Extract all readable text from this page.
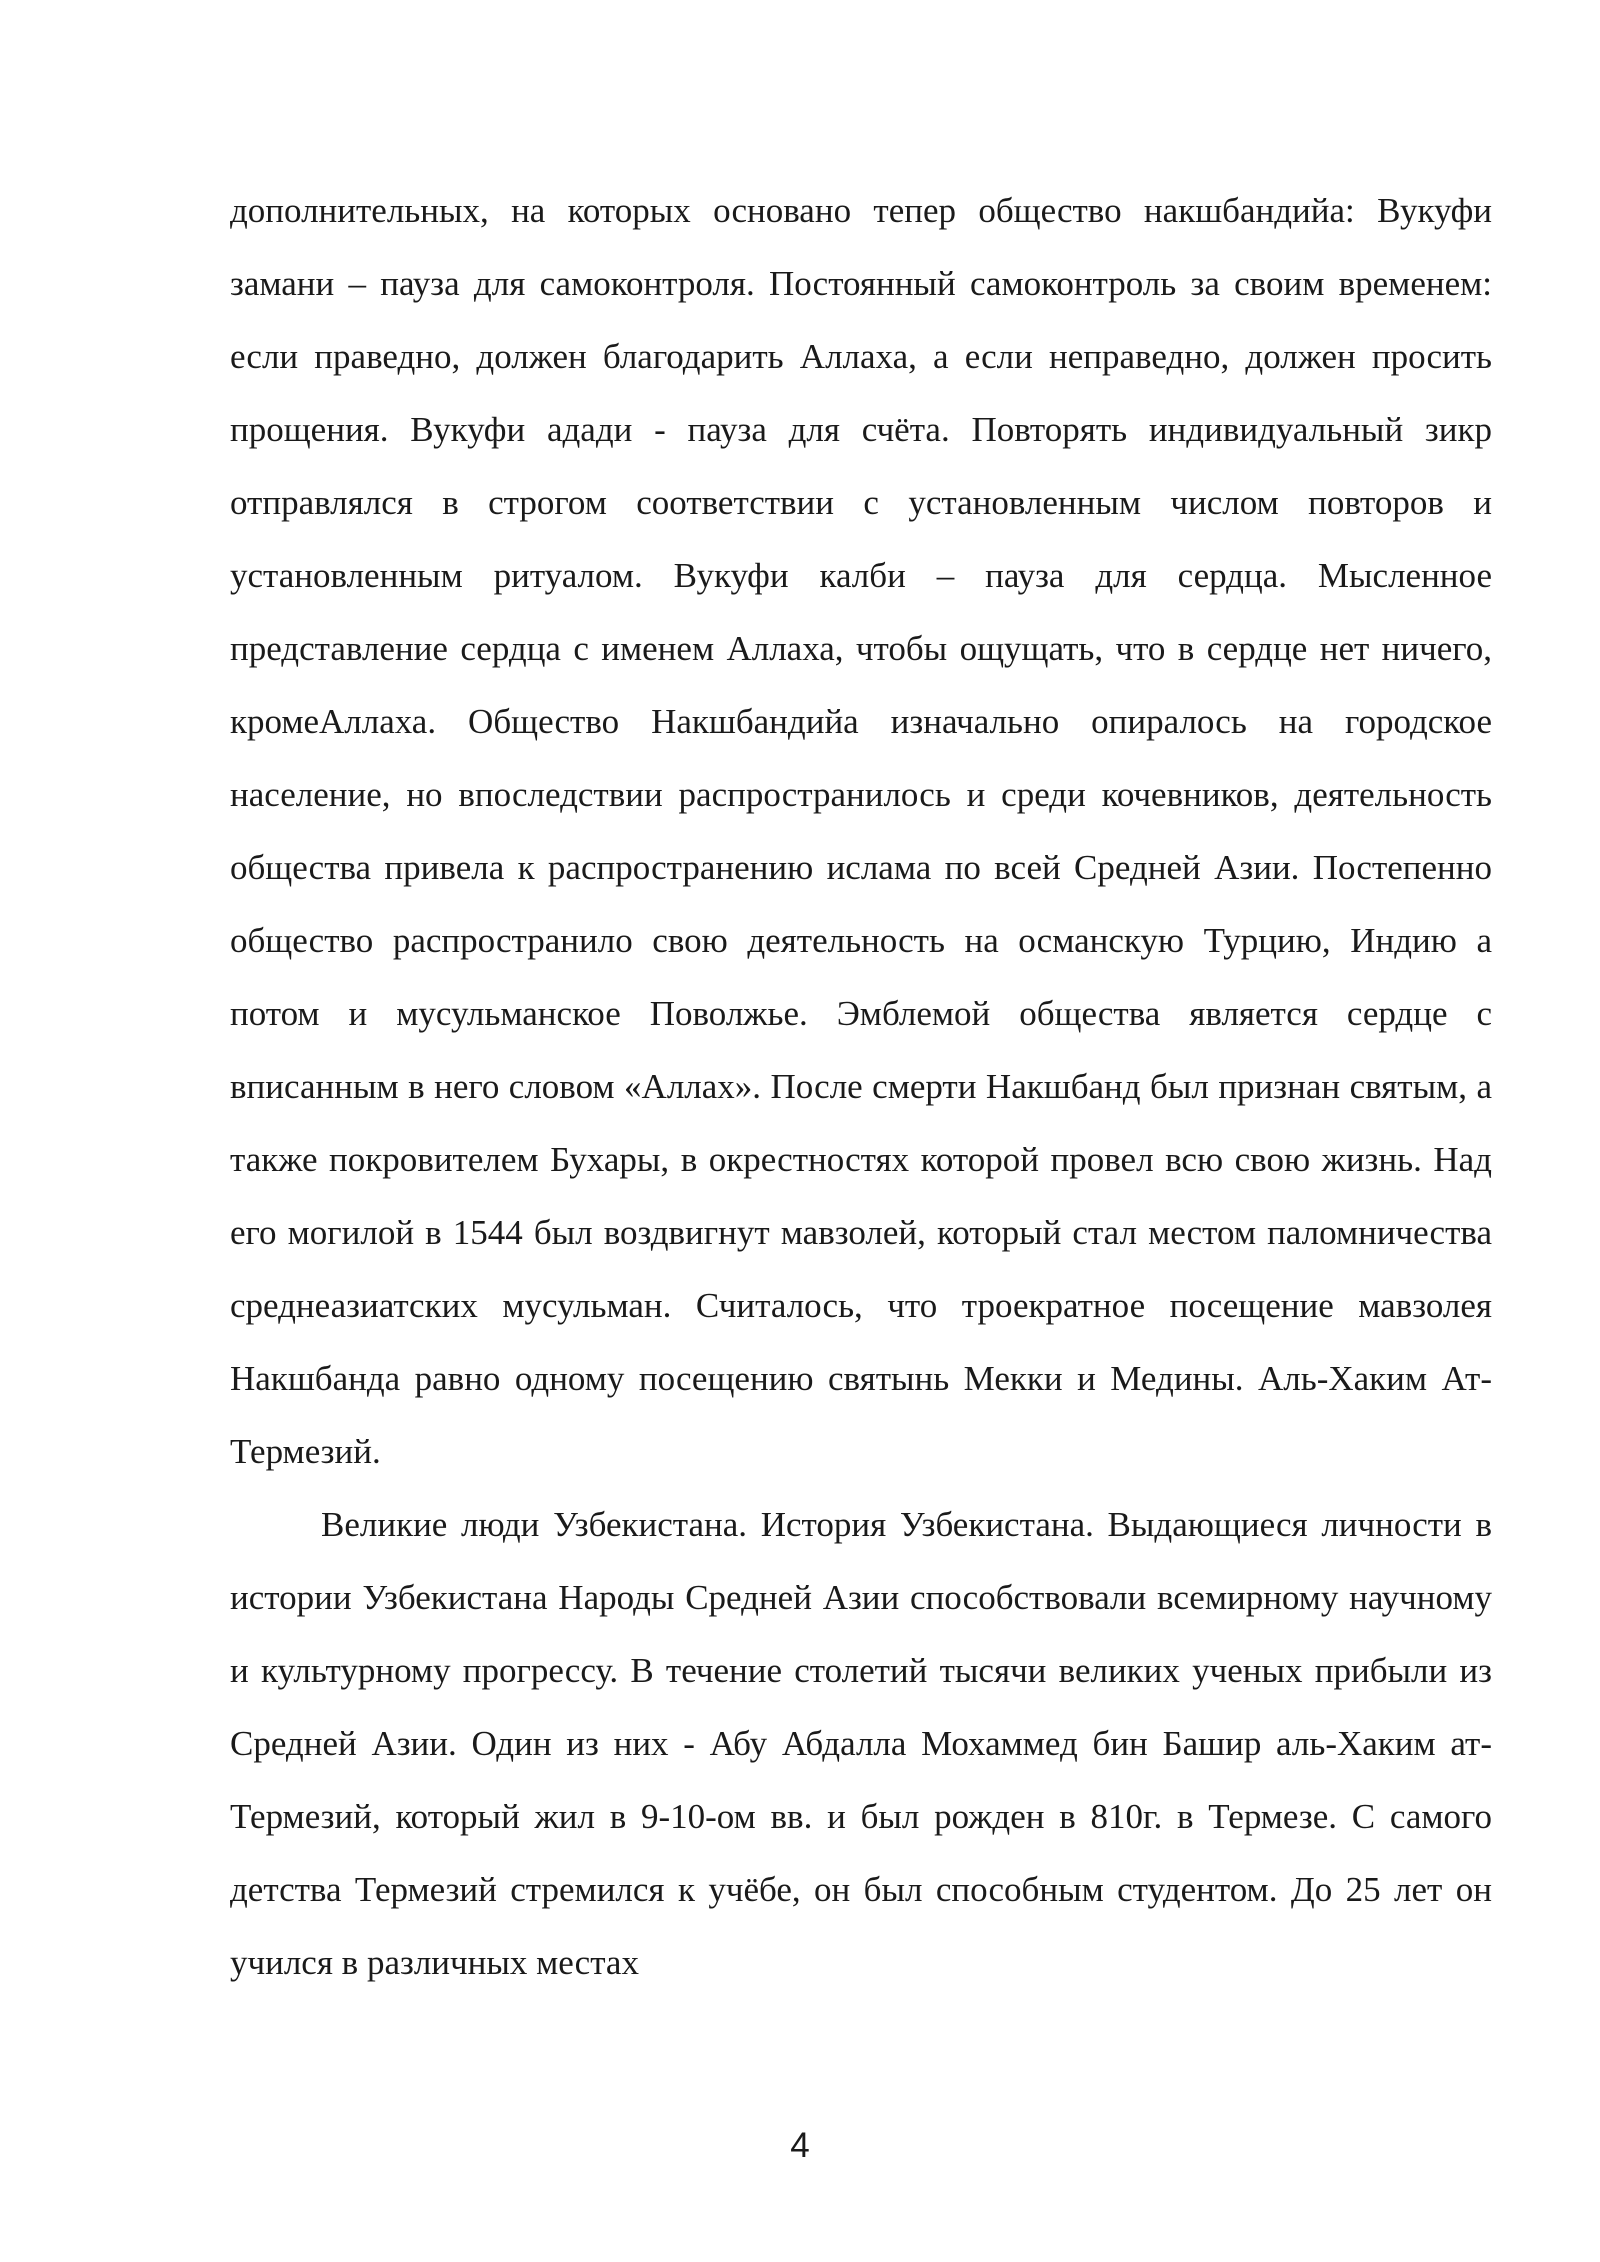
дополнительных, на которых основано тепер общество накшбандийа: Вукуфи замани – пауза для самоконтроля. Постоянный самоконтроль за своим временем: если праведно, должен благодарить Аллаха, а если неправедно, должен просить прощения. Вукуфи адади - пауза для счёта. Повторять индивидуальный зикр отправлялся в строгом соответствии с установленным числом повторов и установленным ритуалом. Вукуфи калби – пауза для сердца. Мысленное представление сердца с именем Аллаха, чтобы ощущать, что в сердце нет ничего, кромеАллаха. Общество Накшбандийа изначально опиралось на городское население, но впоследствии распространилось и среди кочевников, деятельность общества привела к распространению ислама по всей Средней Азии. Постепенно общество распространило свою деятельность на османскую Турцию, Индию а потом и мусульманское Поволжье. Эмблемой общества является сердце с вписанным в него словом «Аллах». После смерти Накшбанд был признан святым, а также покровителем Бухары, в окрестностях которой провел всю свою жизнь. Над его могилой в 1544 был воздвигнут мавзолей, который стал местом паломничества среднеазиатских мусульман. Считалось, что троекратное посещение мавзолея Накшбанда равно одному посещению святынь Мекки и Медины. Аль-Хаким Ат-Термезий.

Великие люди Узбекистана. История Узбекистана. Выдающиеся личности в истории Узбекистана Народы Средней Азии способствовали всемирному научному и культурному прогрессу. В течение столетий тысячи великих ученых прибыли из Средней Азии. Один из них - Абу Абдалла Мохаммед бин Башир аль-Хаким ат-Термезий, который жил в 9-10-ом вв. и был рожден в 810г. в Термезе. С самого детства Термезий стремился к учёбе, он был способным студентом. До 25 лет он учился в различных местах

4
